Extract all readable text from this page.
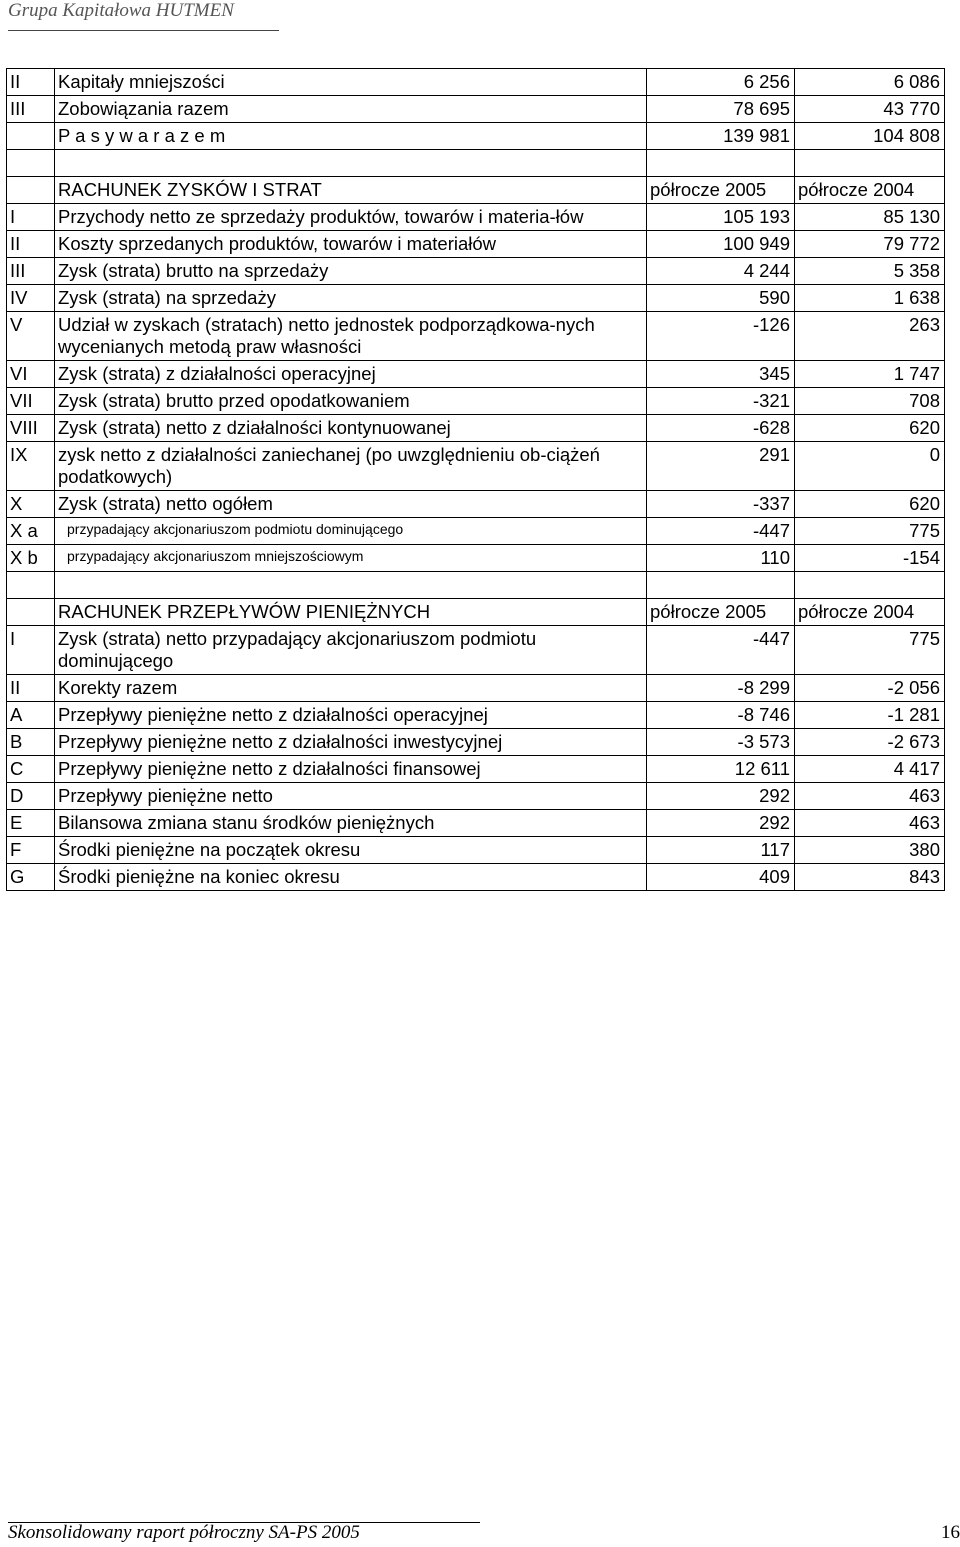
Grupa Kapitałowa HUTMEN
II	Kapitały mniejszości	6 256	6 086
III	Zobowiązania razem	78 695	43 770
	P a s y w a r a z e m	139 981	104 808

	RACHUNEK ZYSKÓW I STRAT	półrocze 2005	półrocze 2004
I	Przychody netto ze sprzedaży produktów, towarów i materia-łów	105 193	85 130
II	Koszty sprzedanych produktów, towarów i materiałów	100 949	79 772
III	Zysk (strata) brutto na sprzedaży	4 244	5 358
IV	Zysk (strata) na sprzedaży	590	1 638
V	Udział w zyskach (stratach) netto jednostek podporządkowa-nych wycenianych metodą praw własności	-126	263
VI	Zysk (strata) z działalności operacyjnej	345	1 747
VII	Zysk (strata) brutto przed opodatkowaniem	-321	708
VIII	Zysk (strata) netto z działalności kontynuowanej	-628	620
IX	zysk netto z działalności zaniechanej (po uwzględnieniu ob-ciążeń podatkowych)	291	0
X	Zysk (strata) netto ogółem	-337	620
X a	przypadający akcjonariuszom podmiotu dominującego	-447	775
X b	przypadający akcjonariuszom mniejszościowym	110	-154

	RACHUNEK PRZEPŁYWÓW PIENIĘŻNYCH	półrocze 2005	półrocze 2004
I	Zysk (strata) netto przypadający akcjonariuszom podmiotu dominującego	-447	775
II	Korekty razem	-8 299	-2 056
A	Przepływy pieniężne netto z działalności operacyjnej	-8 746	-1 281
B	Przepływy pieniężne netto z działalności inwestycyjnej	-3 573	-2 673
C	Przepływy pieniężne netto z działalności finansowej	12 611	4 417
D	Przepływy pieniężne netto	292	463
E	Bilansowa zmiana stanu środków pieniężnych	292	463
F	Środki pieniężne na początek okresu	117	380
G	Środki pieniężne na koniec okresu	409	843
Skonsolidowany raport półroczny SA-PS 2005	16
